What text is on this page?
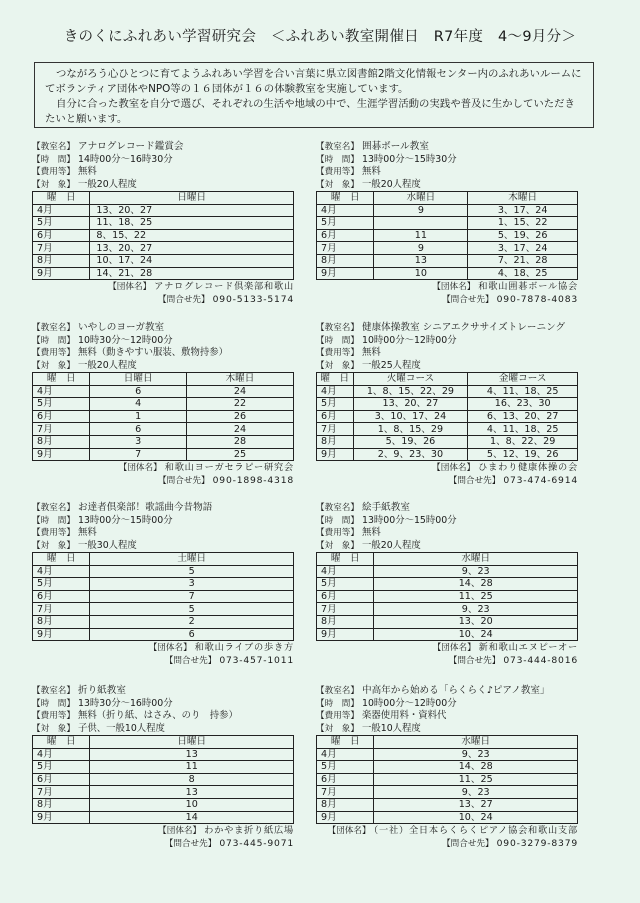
きのくにふれあい学習研究会　＜ふれあい教室開催日　R7年度　4～9月分＞

つながろう心ひとつに育てようふれあい学習を合い言葉に県立図書館2階文化情報センター内のふれあいルームにてボランティア団体やNPO等の１６団体が１６の体験教室を実施しています。

自分に合った教室を自分で選び、それぞれの生活や地域の中で、生涯学習活動の実践や普及に生かしていただきたいと願います。

【教室名】 アナログレコード鑑賞会
【時　間】 14時00分～16時30分
【費用等】 無料
【対　象】 一般20人程度
曜　日	日曜日
4月	13、20、27
5月	11、18、25
6月	8、15、22
7月	13、20、27
8月	10、17、24
9月	14、21、28
【団体名】 アナログレコード倶楽部和歌山
【問合せ先】 090-5133-5174
【教室名】 囲碁ボール教室
【時　間】 13時00分～15時30分
【費用等】 無料
【対　象】 一般20人程度
曜　日	水曜日	木曜日
4月	9	3、17、24
5月		1、15、22
6月	11	5、19、26
7月	9	3、17、24
8月	13	7、21、28
9月	10	4、18、25
【団体名】 和歌山囲碁ボール協会
【問合せ先】 090-7878-4083
【教室名】 いやしのヨーガ教室
【時　間】 10時30分～12時00分
【費用等】 無料（動きやすい服装、敷物持参）
【対　象】 一般20人程度
曜　日	日曜日	木曜日
4月	6	24
5月	4	22
6月	1	26
7月	6	24
8月	3	28
9月	7	25
【団体名】 和歌山ヨーガセラピー研究会
【問合せ先】 090-1898-4318
【教室名】 健康体操教室 シニアエクササイズトレーニング
【時　間】 10時00分～12時00分
【費用等】 無料
【対　象】 一般25人程度
曜　日	火曜コース	金曜コース
4月	1、8、15、22、29	4、11、18、25
5月	13、20、27	16、23、30
6月	3、10、17、24	6、13、20、27
7月	1、8、15、29	4、11、18、25
8月	5、19、26	1、8、22、29
9月	2、9、23、30	5、12、19、26
【団体名】 ひまわり健康体操の会
【問合せ先】 073-474-6914
【教室名】 お達者倶楽部！歌謡曲今昔物語
【時　間】 13時00分～15時00分
【費用等】 無料
【対　象】 一般30人程度
曜　日	土曜日
4月	5
5月	3
6月	7
7月	5
8月	2
9月	6
【団体名】 和歌山ライブの歩き方
【問合せ先】 073-457-1011
【教室名】 絵手紙教室
【時　間】 13時00分～15時00分
【費用等】 無料
【対　象】 一般20人程度
曜　日	水曜日
4月	9、23
5月	14、28
6月	11、25
7月	9、23
8月	13、20
9月	10、24
【団体名】 新和歌山エヌピーオー
【問合せ先】 073-444-8016
【教室名】 折り紙教室
【時　間】 13時30分～16時00分
【費用等】 無料（折り紙、はさみ、のり　持参）
【対　象】 子供、一般10人程度
曜　日	日曜日
4月	13
5月	11
6月	8
7月	13
8月	10
9月	14
【団体名】 わかやま折り紙広場
【問合せ先】 073-445-9071
【教室名】 中高年から始める「らくらく♪ピアノ教室」
【時　間】 10時00分～12時00分
【費用等】 楽器使用料・資料代
【対　象】 一般10人程度
曜　日	水曜日
4月	9、23
5月	14、28
6月	11、25
7月	9、23
8月	13、27
9月	10、24
【団体名】 （一社）全日本らくらくピアノ協会和歌山支部
【問合せ先】 090-3279-8379
